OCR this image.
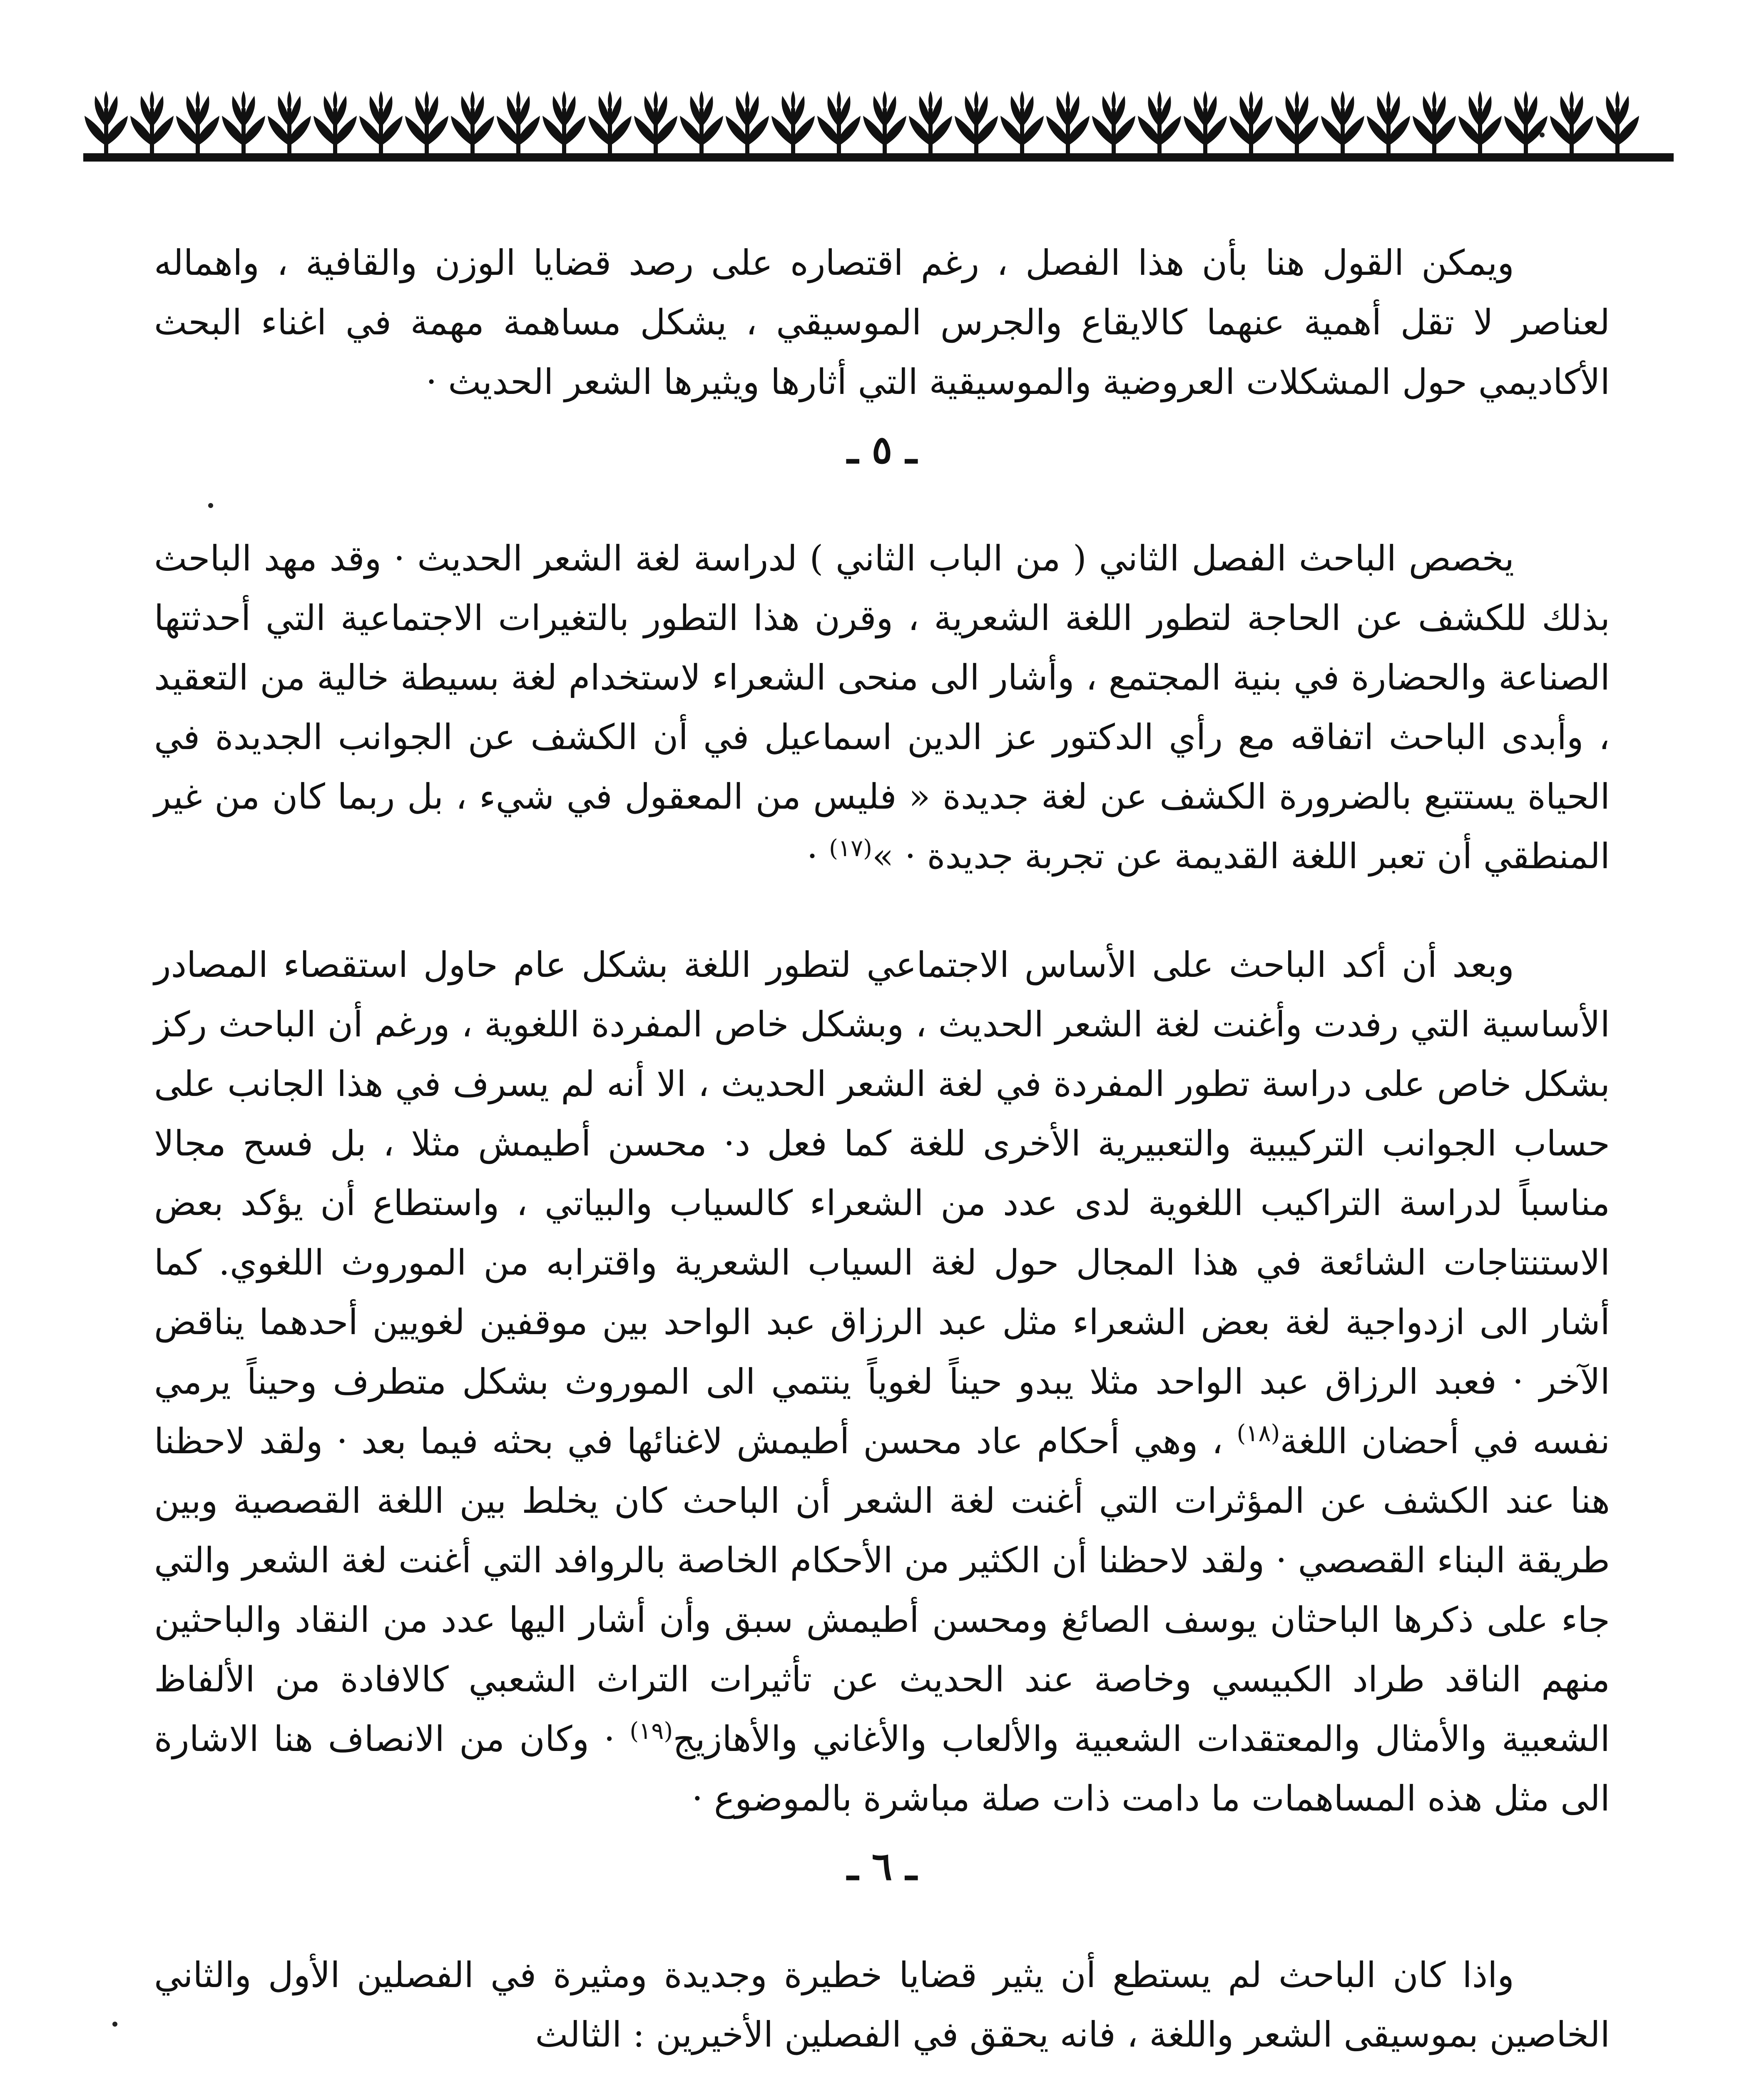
ويمكن القول هنا بأن هذا الفصل ، رغم اقتصاره على رصد قضايا الوزن والقافية ، واهماله لعناصر لا تقل أهمية عنهما كالايقاع والجرس الموسيقي ، يشكل مساهمة مهمة في اغناء البحث الأكاديمي حول المشكلات العروضية والموسيقية التي أثارها ويثيرها الشعر الحديث ·

ـ ٥ ـ

يخصص الباحث الفصل الثاني ( من الباب الثاني ) لدراسة لغة الشعر الحديث · وقد مهد الباحث بذلك للكشف عن الحاجة لتطور اللغة الشعرية ، وقرن هذا التطور بالتغيرات الاجتماعية التي أحدثتها الصناعة والحضارة في بنية المجتمع ، وأشار الى منحى الشعراء لاستخدام لغة بسيطة خالية من التعقيد ، وأبدى الباحث اتفاقه مع رأي الدكتور عز الدين اسماعيل في أن الكشف عن الجوانب الجديدة في الحياة يستتبع بالضرورة الكشف عن لغة جديدة « فليس من المعقول في شيء ، بل ربما كان من غير المنطقي أن تعبر اللغة القديمة عن تجربة جديدة · »$^{(١٧)}$ ·

وبعد أن أكد الباحث على الأساس الاجتماعي لتطور اللغة بشكل عام حاول استقصاء المصادر الأساسية التي رفدت وأغنت لغة الشعر الحديث ، وبشكل خاص المفردة اللغوية ، ورغم أن الباحث ركز بشكل خاص على دراسة تطور المفردة في لغة الشعر الحديث ، الا أنه لم يسرف في هذا الجانب على حساب الجوانب التركيبية والتعبيرية الأخرى للغة كما فعل د· محسن أطيمش مثلا ، بل فسح مجالا مناسباً لدراسة التراكيب اللغوية لدى عدد من الشعراء كالسياب والبياتي ، واستطاع أن يؤكد بعض الاستنتاجات الشائعة في هذا المجال حول لغة السياب الشعرية واقترابه من الموروث اللغوي. كما أشار الى ازدواجية لغة بعض الشعراء مثل عبد الرزاق عبد الواحد بين موقفين لغويين أحدهما يناقض الآخر · فعبد الرزاق عبد الواحد مثلا يبدو حيناً لغوياً ينتمي الى الموروث بشكل متطرف وحيناً يرمي نفسه في أحضان اللغة$^{(١٨)}$ ، وهي أحكام عاد محسن أطيمش لاغنائها في بحثه فيما بعد · ولقد لاحظنا هنا عند الكشف عن المؤثرات التي أغنت لغة الشعر أن الباحث كان يخلط بين اللغة القصصية وبين طريقة البناء القصصي · ولقد لاحظنا أن الكثير من الأحكام الخاصة بالروافد التي أغنت لغة الشعر والتي جاء على ذكرها الباحثان يوسف الصائغ ومحسن أطيمش سبق وأن أشار اليها عدد من النقاد والباحثين منهم الناقد طراد الكبيسي وخاصة عند الحديث عن تأثيرات التراث الشعبي كالافادة من الألفاظ الشعبية والأمثال والمعتقدات الشعبية والألعاب والأغاني والأهازيج$^{(١٩)}$ · وكان من الانصاف هنا الاشارة الى مثل هذه المساهمات ما دامت ذات صلة مباشرة بالموضوع ·

ـ ٦ ـ

واذا كان الباحث لم يستطع أن يثير قضايا خطيرة وجديدة ومثيرة في الفصلين الأول والثاني الخاصين بموسيقى الشعر واللغة ، فانه يحقق في الفصلين الأخيرين : الثالث
